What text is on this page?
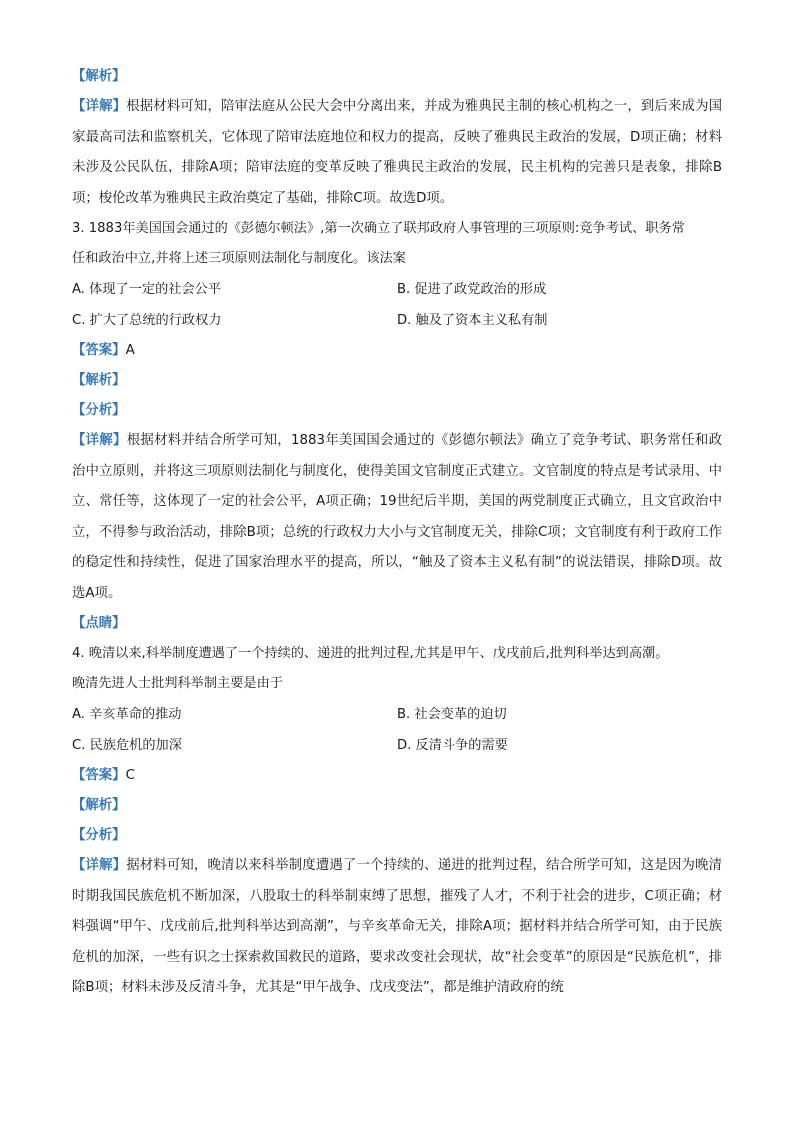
【解析】
【详解】根据材料可知，陪审法庭从公民大会中分离出来，并成为雅典民主制的核心机构之一，到后来成为国家最高司法和监察机关，它体现了陪审法庭地位和权力的提高，反映了雅典民主政治的发展，D项正确；材料未涉及公民队伍，排除A项；陪审法庭的变革反映了雅典民主政治的发展，民主机构的完善只是表象，排除B项；梭伦改革为雅典民主政治奠定了基础，排除C项。故选D项。
3. 1883年美国国会通过的《彭德尔顿法》,第一次确立了联邦政府人事管理的三项原则:竞争考试、职务常
任和政治中立,并将上述三项原则法制化与制度化。该法案
A. 体现了一定的社会公平	B. 促进了政党政治的形成
C. 扩大了总统的行政权力	D. 触及了资本主义私有制
【答案】A
【解析】
【分析】
【详解】根据材料并结合所学可知，1883年美国国会通过的《彭德尔顿法》确立了竞争考试、职务常任和政治中立原则，并将这三项原则法制化与制度化，使得美国文官制度正式建立。文官制度的特点是考试录用、中立、常任等，这体现了一定的社会公平，A项正确；19世纪后半期，美国的两党制度正式确立，且文官政治中立，不得参与政治活动，排除B项；总统的行政权力大小与文官制度无关，排除C项；文官制度有利于政府工作的稳定性和持续性，促进了国家治理水平的提高，所以，“触及了资本主义私有制”的说法错误，排除D项。故选A项。
【点睛】
4. 晚清以来,科举制度遭遇了一个持续的、递进的批判过程,尤其是甲午、戊戌前后,批判科举达到高潮。
晚清先进人士批判科举制主要是由于
A. 辛亥革命的推动	B. 社会变革的迫切
C. 民族危机的加深	D. 反清斗争的需要
【答案】C
【解析】
【分析】
【详解】据材料可知，晚清以来科举制度遭遇了一个持续的、递进的批判过程，结合所学可知，这是因为晚清时期我国民族危机不断加深，八股取士的科举制束缚了思想，摧残了人才，不利于社会的进步，C项正确；材料强调“甲午、戊戌前后,批判科举达到高潮”，与辛亥革命无关，排除A项；据材料并结合所学可知，由于民族危机的加深，一些有识之士探索救国救民的道路，要求改变社会现状，故“社会变革”的原因是“民族危机”，排除B项；材料未涉及反清斗争，尤其是“甲午战争、戊戌变法”，都是维护清政府的统
